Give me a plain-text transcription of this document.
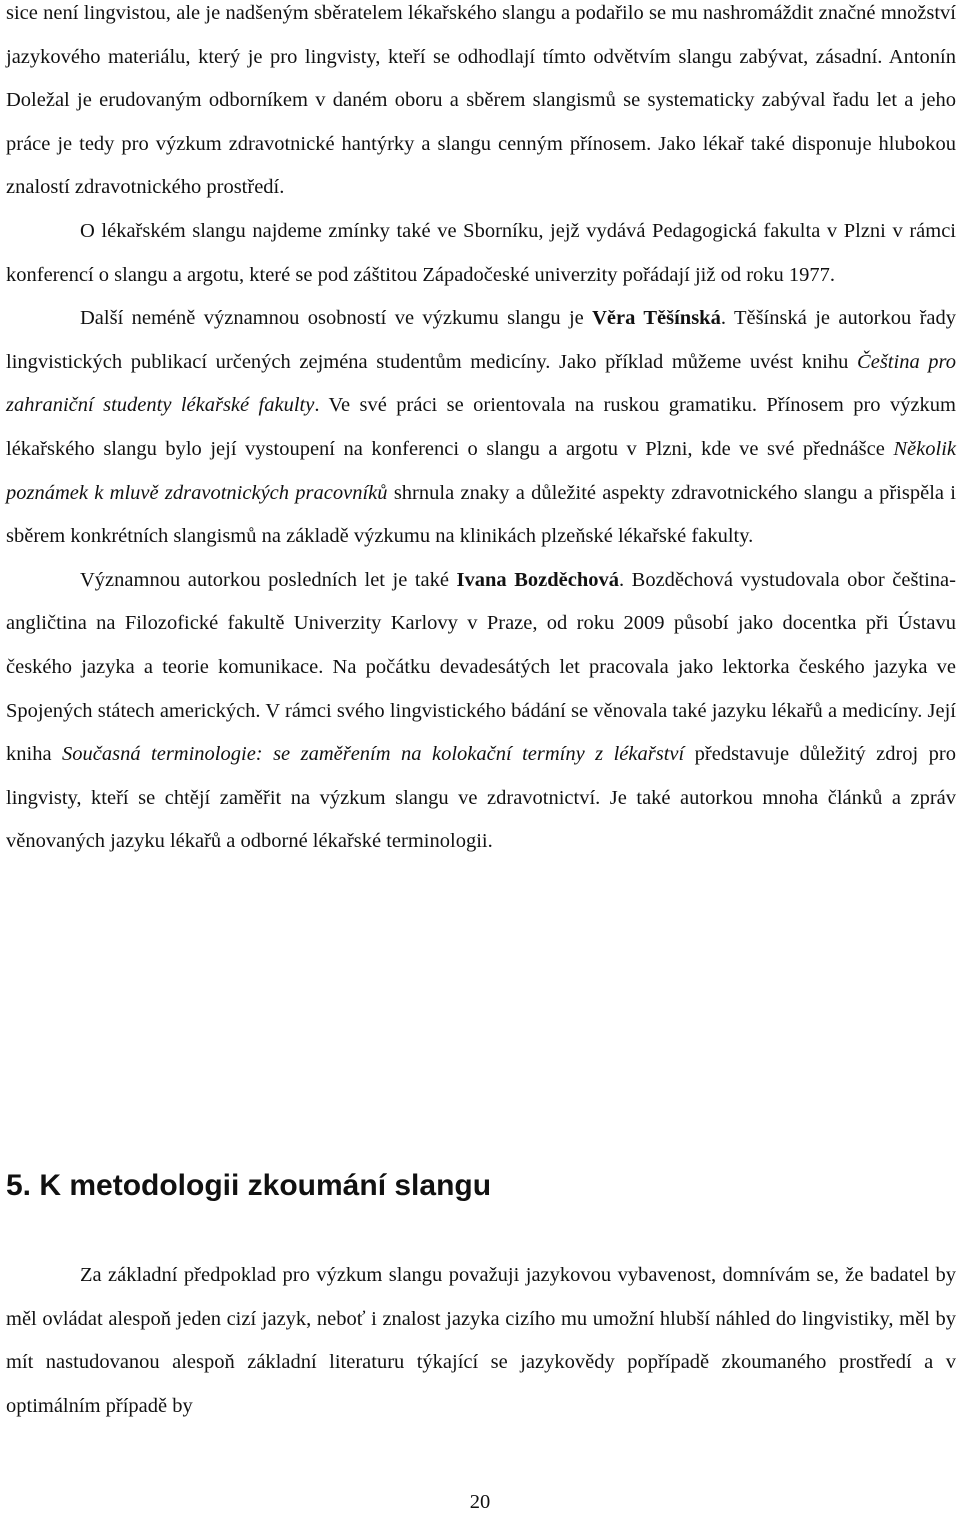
sice není lingvistou, ale je nadšeným sběratelem lékařského slangu a podařilo se mu nashromáždit značné množství jazykového materiálu, který je pro lingvisty, kteří se odhodlají tímto odvětvím slangu zabývat, zásadní. Antonín Doležal je erudovaným odborníkem v daném oboru a sběrem slangismů se systematicky zabýval řadu let a jeho práce je tedy pro výzkum zdravotnické hantýrky a slangu cenným přínosem. Jako lékař také disponuje hlubokou znalostí zdravotnického prostředí.

O lékařském slangu najdeme zmínky také ve Sborníku, jejž vydává Pedagogická fakulta v Plzni v rámci konferencí o slangu a argotu, které se pod záštitou Západočeské univerzity pořádají již od roku 1977.

Další neméně významnou osobností ve výzkumu slangu je Věra Těšínská. Těšínská je autorkou řady lingvistických publikací určených zejména studentům medicíny. Jako příklad můžeme uvést knihu Čeština pro zahraniční studenty lékařské fakulty. Ve své práci se orientovala na ruskou gramatiku. Přínosem pro výzkum lékařského slangu bylo její vystoupení na konferenci o slangu a argotu v Plzni, kde ve své přednášce Několik poznámek k mluvě zdravotnických pracovníků shrnula znaky a důležité aspekty zdravotnického slangu a přispěla i sběrem konkrétních slangismů na základě výzkumu na klinikách plzeňské lékařské fakulty.

Významnou autorkou posledních let je také Ivana Bozděchová. Bozděchová vystudovala obor čeština-angličtina na Filozofické fakultě Univerzity Karlovy v Praze, od roku 2009 působí jako docentka při Ústavu českého jazyka a teorie komunikace. Na počátku devadesátých let pracovala jako lektorka českého jazyka ve Spojených státech amerických. V rámci svého lingvistického bádání se věnovala také jazyku lékařů a medicíny. Její kniha Současná terminologie: se zaměřením na kolokační termíny z lékařství představuje důležitý zdroj pro lingvisty, kteří se chtějí zaměřit na výzkum slangu ve zdravotnictví. Je také autorkou mnoha článků a zpráv věnovaných jazyku lékařů a odborné lékařské terminologii.

5. K metodologii zkoumání slangu

Za základní předpoklad pro výzkum slangu považuji jazykovou vybavenost, domnívám se, že badatel by měl ovládat alespoň jeden cizí jazyk, neboť i znalost jazyka cizího mu umožní hlubší náhled do lingvistiky, měl by mít nastudovanou alespoň základní literaturu týkající se jazykovědy popřípadě zkoumaného prostředí a v optimálním případě by

20
